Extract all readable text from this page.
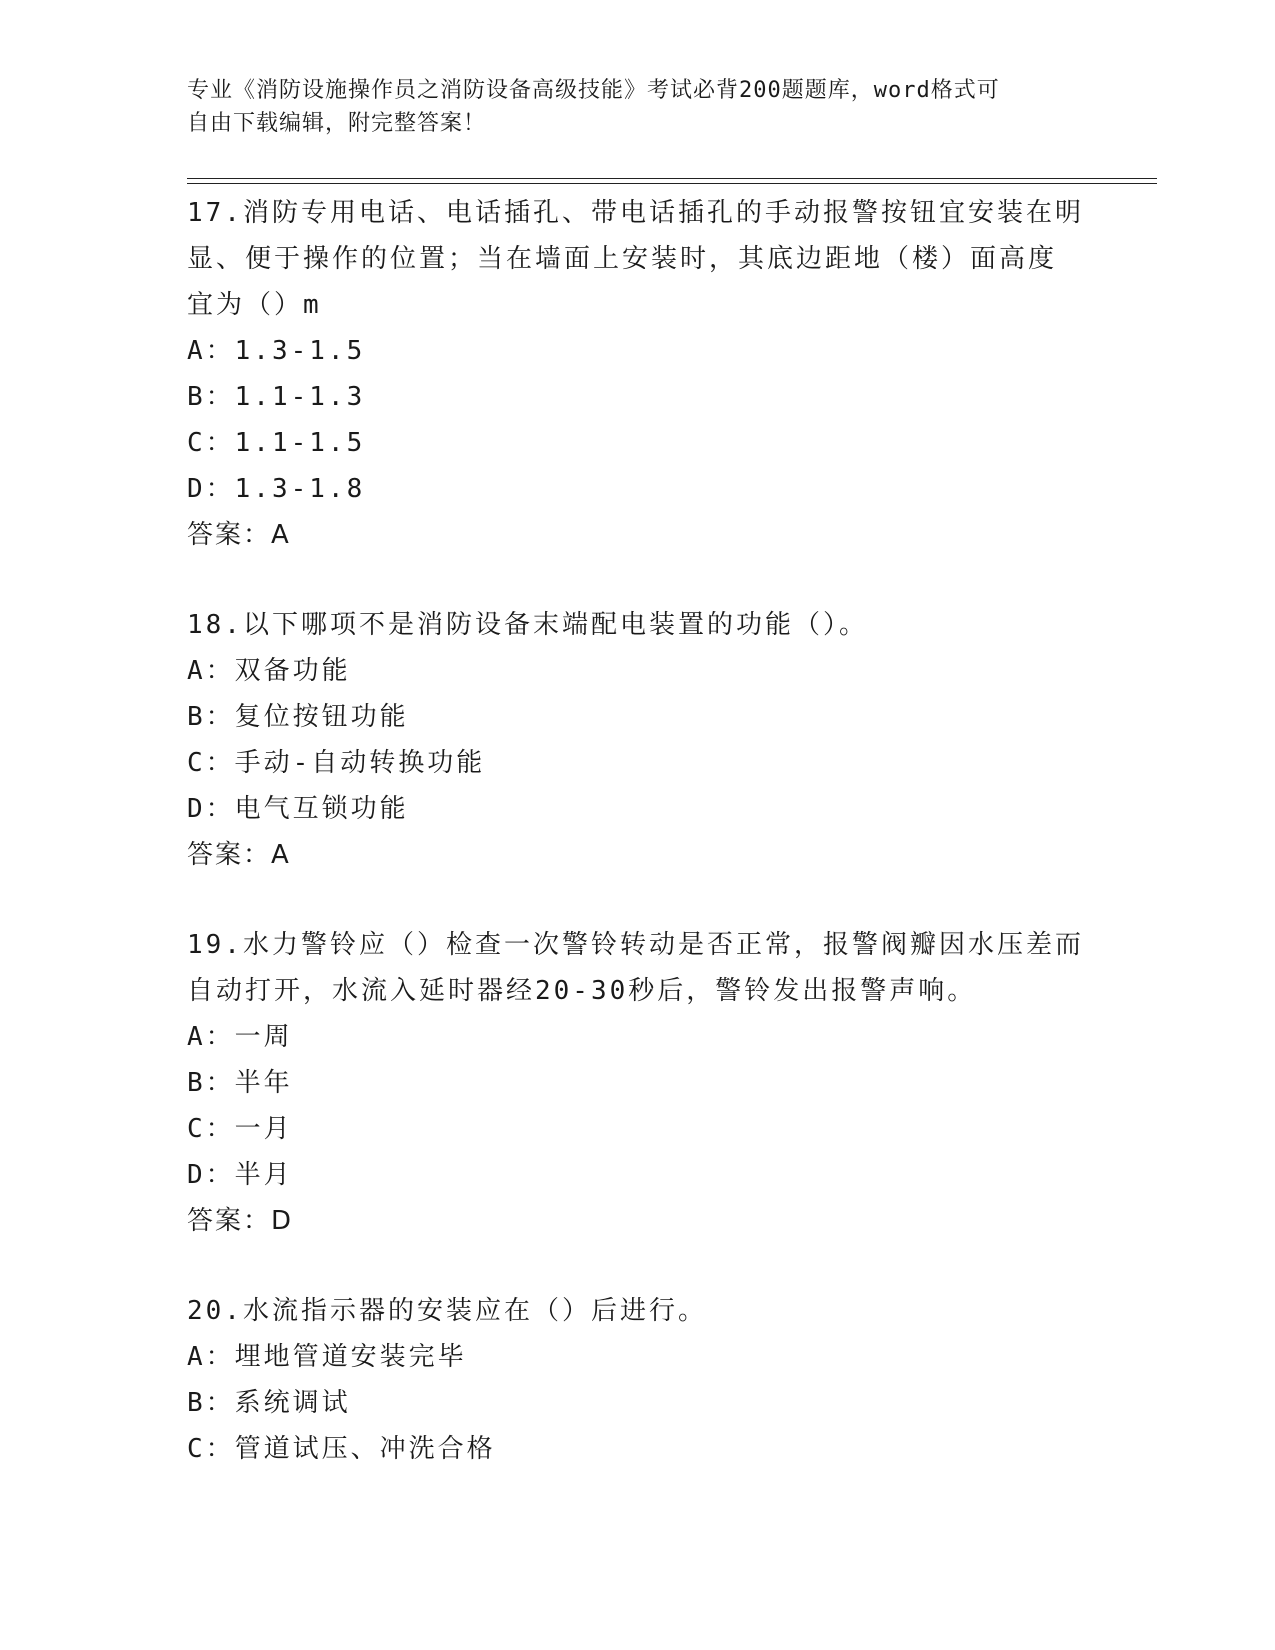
专业《消防设施操作员之消防设备高级技能》考试必背200题题库，word格式可
自由下载编辑，附完整答案！
17.消防专用电话、电话插孔、带电话插孔的手动报警按钮宜安装在明
显、便于操作的位置；当在墙面上安装时，其底边距地（楼）面高度
宜为（）m
A：1.3-1.5
B：1.1-1.3
C：1.1-1.5
D：1.3-1.8
答案：A
18.以下哪项不是消防设备末端配电装置的功能（）。
A：双备功能
B：复位按钮功能
C：手动-自动转换功能
D：电气互锁功能
答案：A
19.水力警铃应（）检查一次警铃转动是否正常，报警阀瓣因水压差而
自动打开，水流入延时器经20-30秒后，警铃发出报警声响。
A：一周
B：半年
C：一月
D：半月
答案：D
20.水流指示器的安装应在（）后进行。
A：埋地管道安装完毕
B：系统调试
C：管道试压、冲洗合格
